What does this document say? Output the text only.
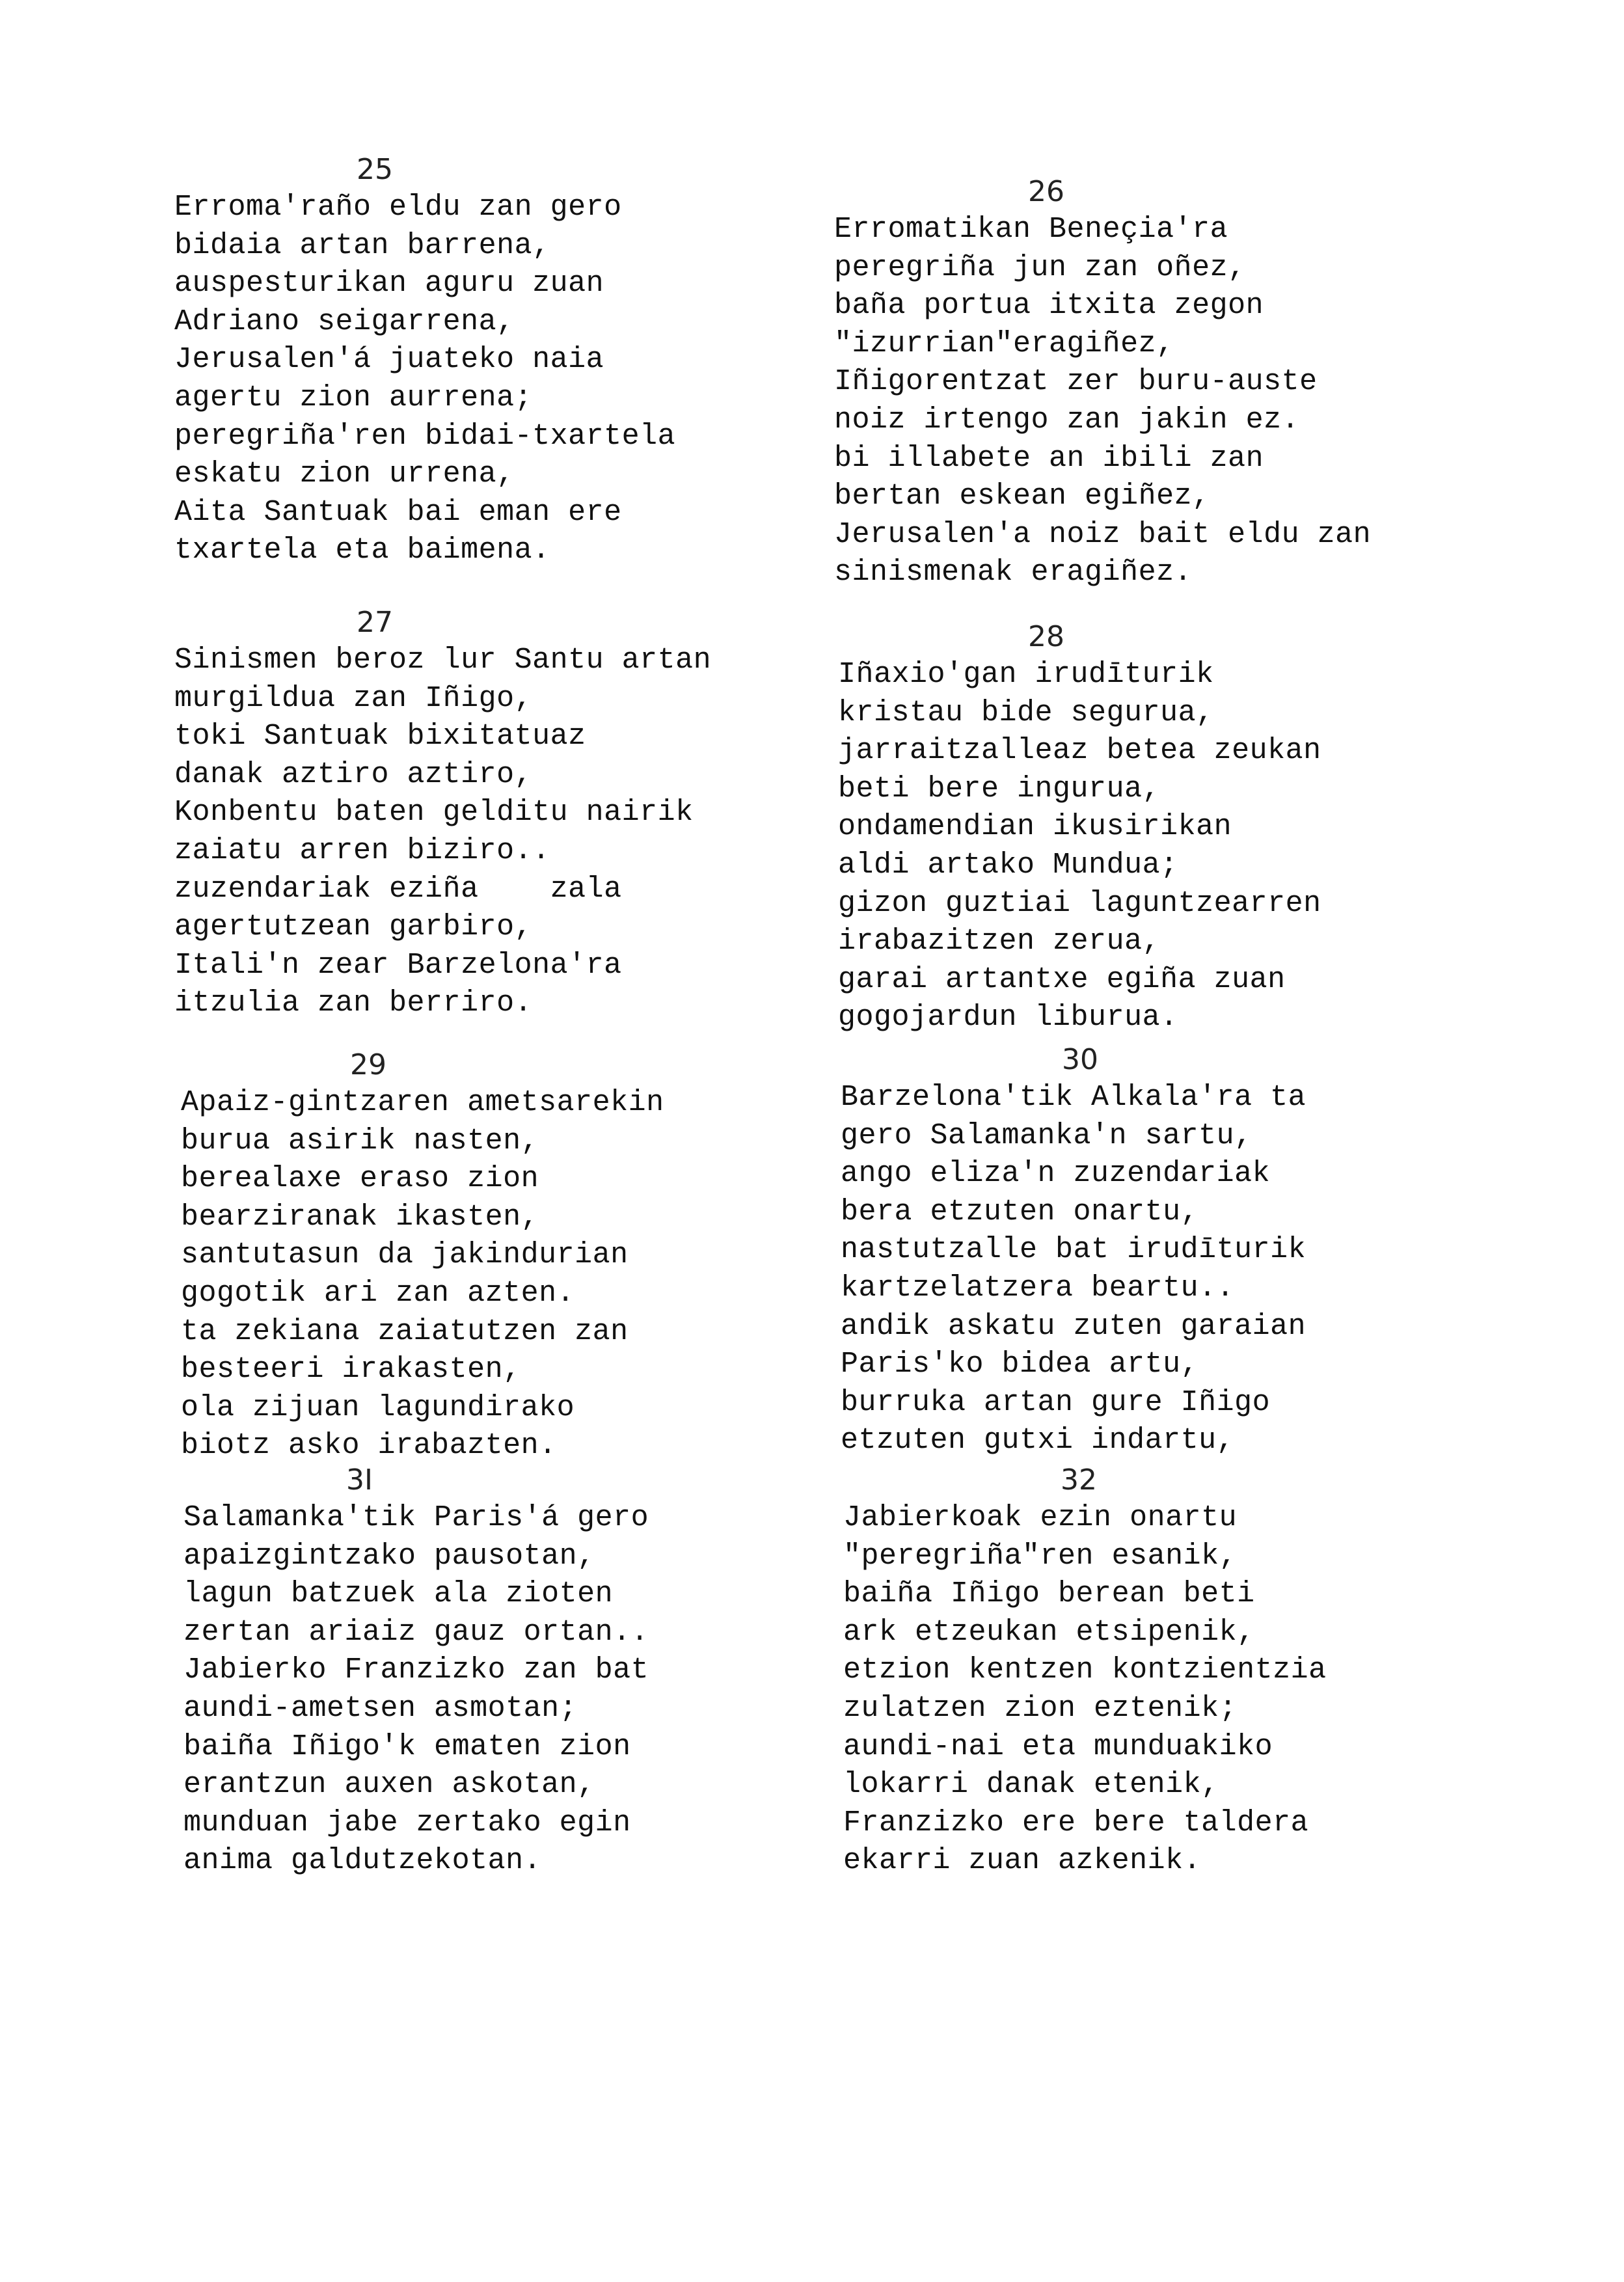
25
Erroma'raño eldu zan gero
bidaia artan barrena,
auspesturikan aguru zuan
Adriano seigarrena,
Jerusalen'á juateko naia
agertu zion aurrena;
peregriña'ren bidai-txartela
eskatu zion urrena,
Aita Santuak bai eman ere
txartela eta baimena.
26
Erromatikan Beneçia'ra
peregriña jun zan oñez,
baña portua itxita zegon
"izurrian"eragiñez,
Iñigorentzat zer buru-auste
noiz irtengo zan jakin ez.
bi illabete an ibili zan
bertan eskean egiñez,
Jerusalen'a noiz bait eldu zan
sinismenak eragiñez.
27
Sinismen beroz lur Santu artan
murgildua zan Iñigo,
toki Santuak bixitatuaz
danak aztiro aztiro,
Konbentu baten gelditu nairik
zaiatu arren biziro..
zuzendariak eziña    zala
agertutzean garbiro,
Itali'n zear Barzelona'ra
itzulia zan berriro.
28
Iñaxio'gan irudīturik
kristau bide segurua,
jarraitzalleaz betea zeukan
beti bere ingurua,
ondamendian ikusirikan
aldi artako Mundua;
gizon guztiai laguntzearren
irabazitzen zerua,
garai artantxe egiña zuan
gogojardun liburua.
29
Apaiz-gintzaren ametsarekin
burua asirik nasten,
berealaxe eraso zion
bearziranak ikasten,
santutasun da jakindurian
gogotik ari zan azten.
ta zekiana zaiatutzen zan
besteeri irakasten,
ola zijuan lagundirako
biotz asko irabazten.
30
Barzelona'tik Alkala'ra ta
gero Salamanka'n sartu,
ango eliza'n zuzendariak
bera etzuten onartu,
nastutzalle bat irudīturik
kartzelatzera beartu..
andik askatu zuten garaian
Paris'ko bidea artu,
burruka artan gure Iñigo
etzuten gutxi indartu,
3I
Salamanka'tik Paris'á gero
apaizgintzako pausotan,
lagun batzuek ala zioten
zertan ariaiz gauz ortan..
Jabierko Franzizko zan bat
aundi-ametsen asmotan;
baiña Iñigo'k ematen zion
erantzun auxen askotan,
munduan jabe zertako egin
anima galdutzekotan.
32
Jabierkoak ezin onartu
"peregriña"ren esanik,
baiña Iñigo berean beti
ark etzeukan etsipenik,
etzion kentzen kontzientzia
zulatzen zion eztenik;
aundi-nai eta munduakiko
lokarri danak etenik,
Franzizko ere bere taldera
ekarri zuan azkenik.
